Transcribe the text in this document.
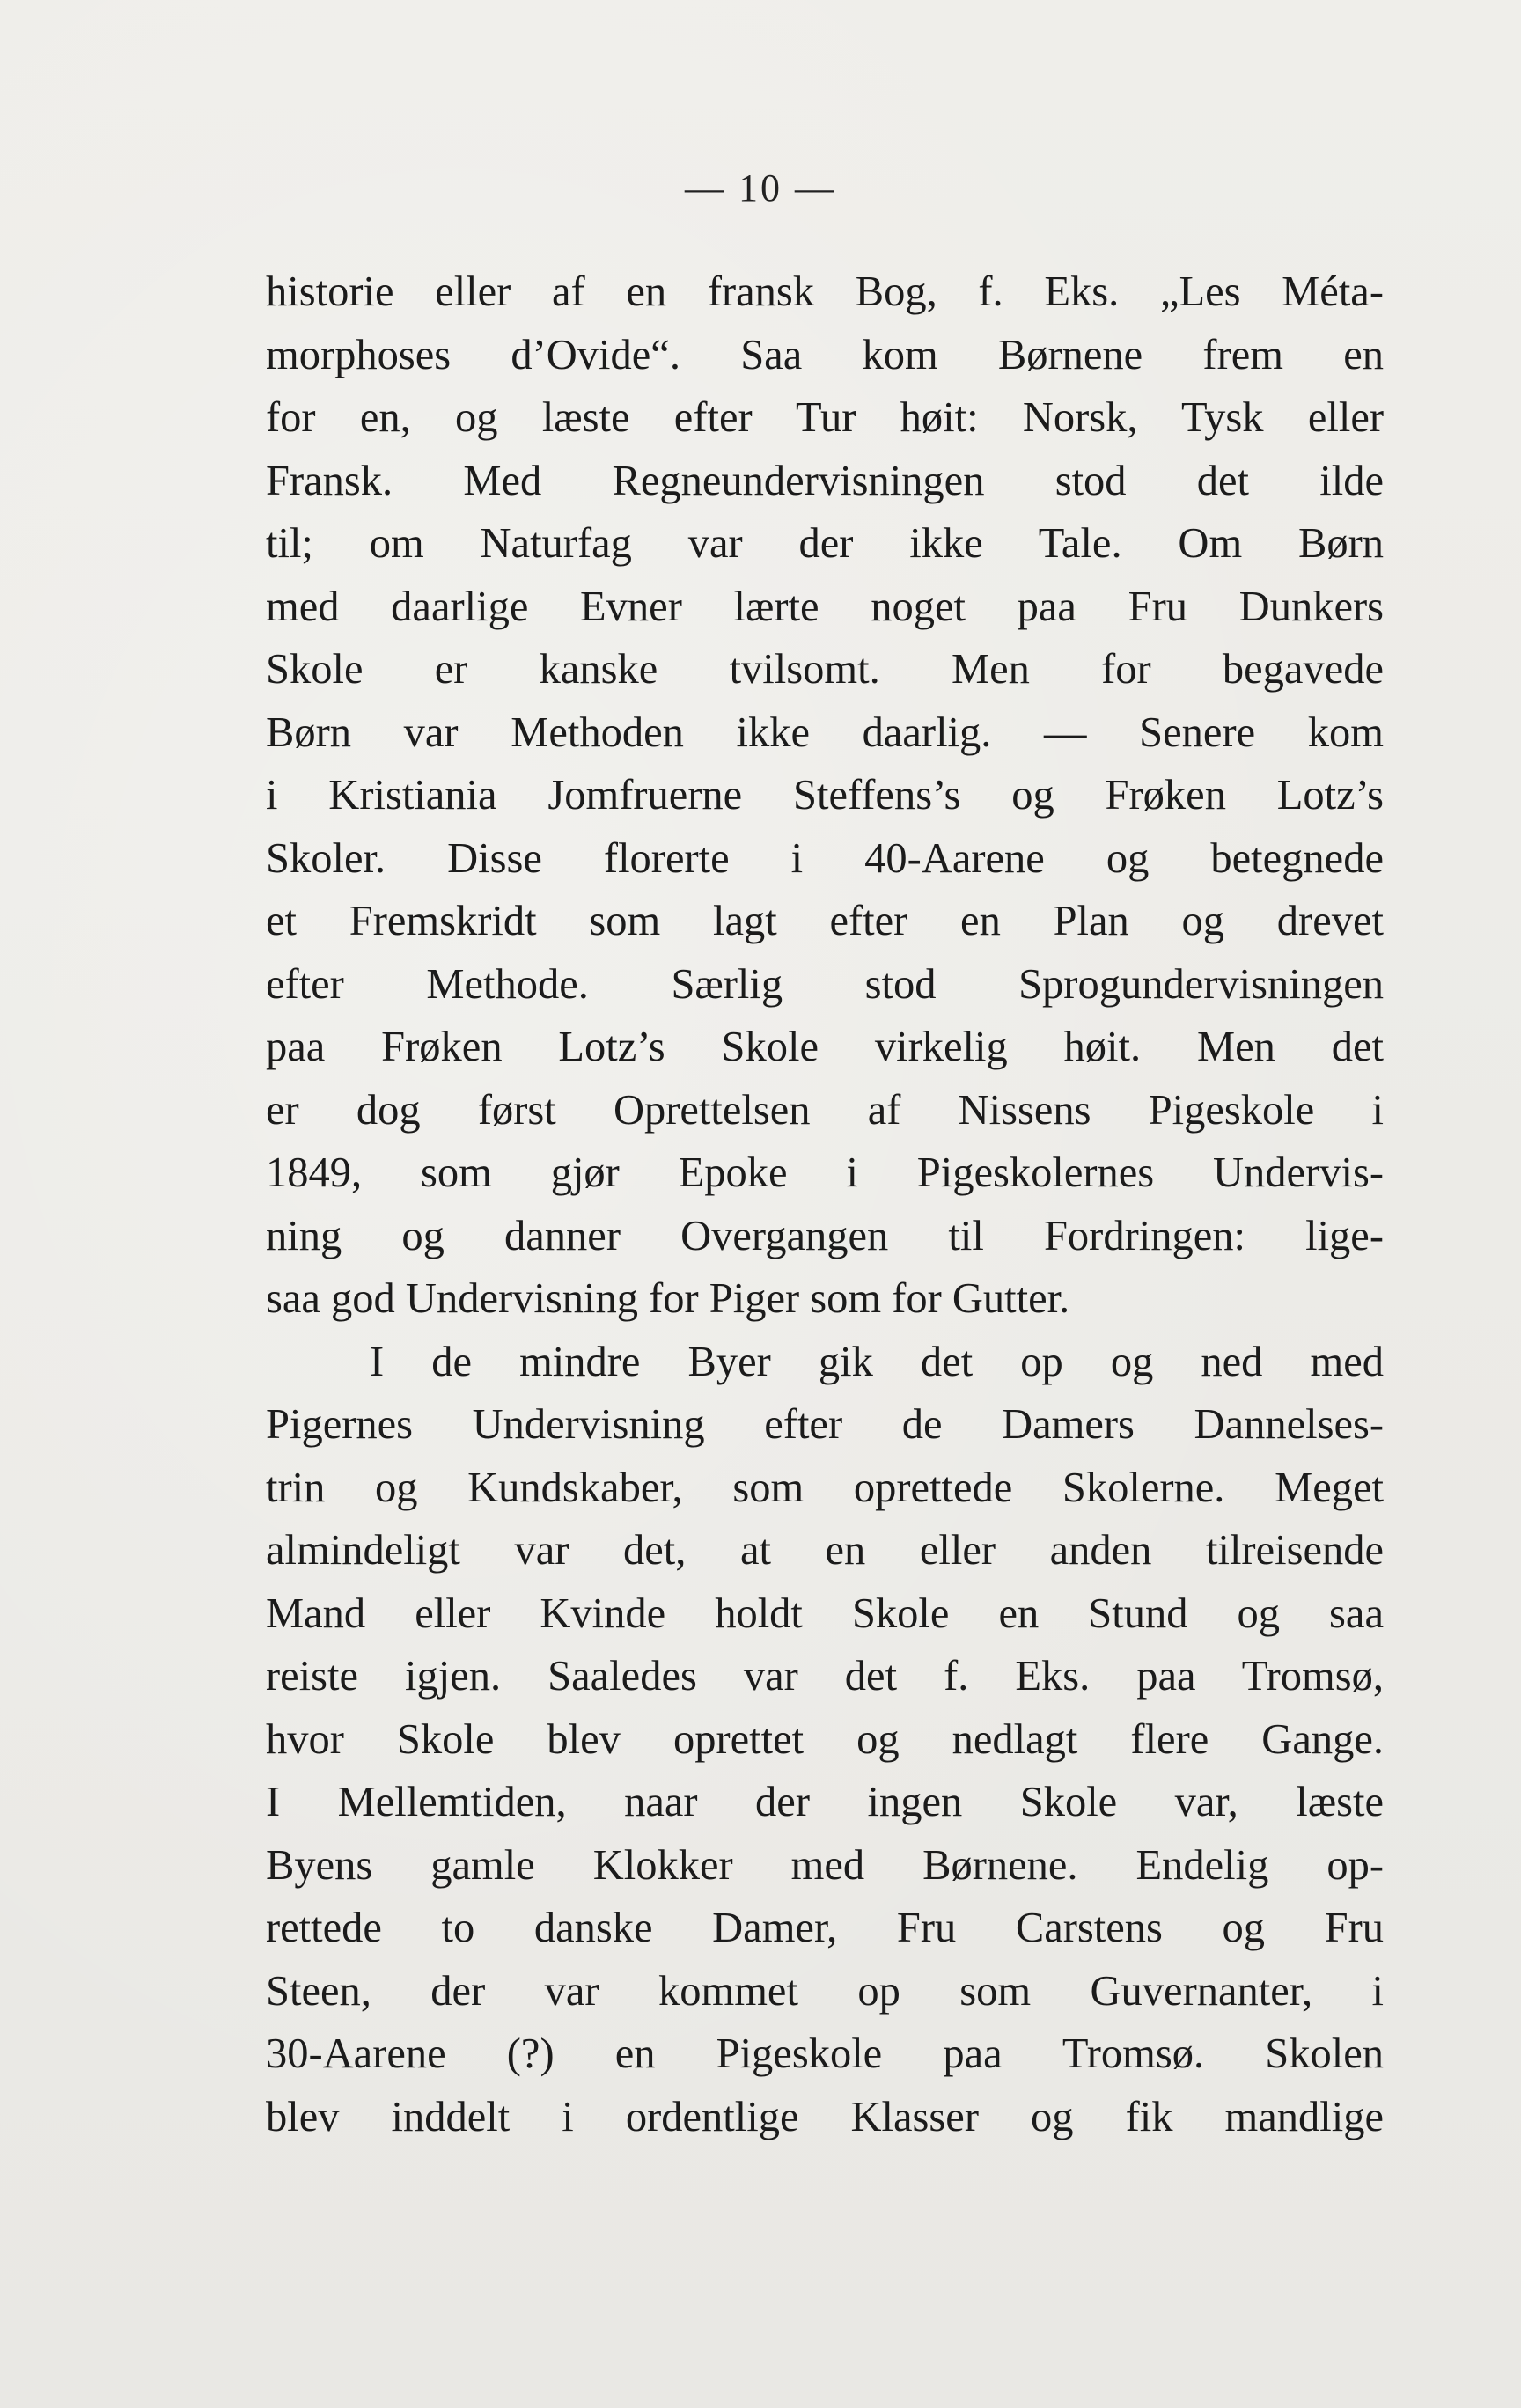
— 10 —
historie eller af en fransk Bog, f. Eks. „Les Méta-
morphoses d’Ovide“. Saa kom Børnene frem en
for en, og læste efter Tur høit: Norsk, Tysk eller
Fransk. Med Regneundervisningen stod det ilde
til; om Naturfag var der ikke Tale. Om Børn
med daarlige Evner lærte noget paa Fru Dunkers
Skole er kanske tvilsomt. Men for begavede
Børn var Methoden ikke daarlig. — Senere kom
i Kristiania Jomfruerne Steffens’s og Frøken Lotz’s
Skoler. Disse florerte i 40-Aarene og betegnede
et Fremskridt som lagt efter en Plan og drevet
efter Methode. Særlig stod Sprogundervisningen
paa Frøken Lotz’s Skole virkelig høit. Men det
er dog først Oprettelsen af Nissens Pigeskole i
1849, som gjør Epoke i Pigeskolernes Undervis-
ning og danner Overgangen til Fordringen: lige-
saa god Undervisning for Piger som for Gutter.
I de mindre Byer gik det op og ned med
Pigernes Undervisning efter de Damers Dannelses-
trin og Kundskaber, som oprettede Skolerne. Meget
almindeligt var det, at en eller anden tilreisende
Mand eller Kvinde holdt Skole en Stund og saa
reiste igjen. Saaledes var det f. Eks. paa Tromsø,
hvor Skole blev oprettet og nedlagt flere Gange.
I Mellemtiden, naar der ingen Skole var, læste
Byens gamle Klokker med Børnene. Endelig op-
rettede to danske Damer, Fru Carstens og Fru
Steen, der var kommet op som Guvernanter, i
30-Aarene (?) en Pigeskole paa Tromsø. Skolen
blev inddelt i ordentlige Klasser og fik mandlige
